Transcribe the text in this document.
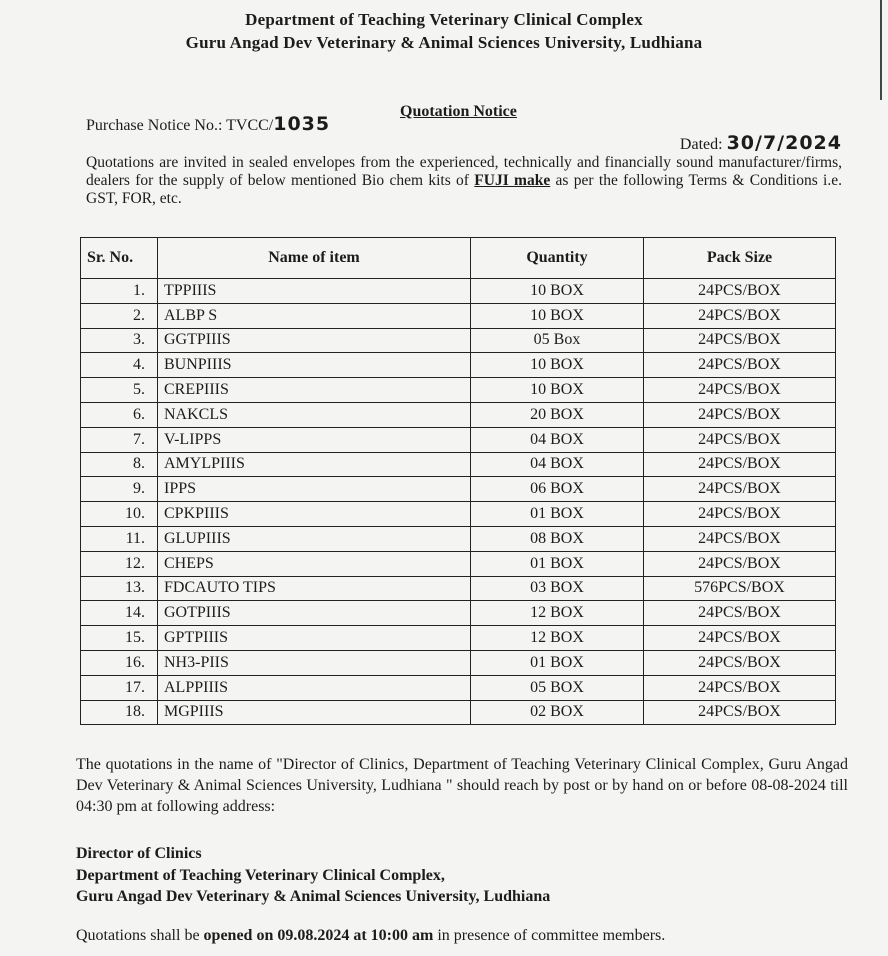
Department of Teaching Veterinary Clinical Complex
Guru Angad Dev Veterinary & Animal Sciences University, Ludhiana
Quotation Notice
Purchase Notice No.: TVCC/1035
Dated: 30/7/2024
Quotations are invited in sealed envelopes from the experienced, technically and financially sound manufacturer/firms, dealers for the supply of below mentioned Bio chem kits of FUJI make as per the following Terms & Conditions i.e. GST, FOR, etc.
Sr. No.	Name of item	Quantity	Pack Size
1.	TPPIIIS	10 BOX	24PCS/BOX
2.	ALBP S	10 BOX	24PCS/BOX
3.	GGTPIIIS	05 Box	24PCS/BOX
4.	BUNPIIIS	10 BOX	24PCS/BOX
5.	CREPIIIS	10 BOX	24PCS/BOX
6.	NAKCLS	20 BOX	24PCS/BOX
7.	V-LIPPS	04 BOX	24PCS/BOX
8.	AMYLPIIIS	04 BOX	24PCS/BOX
9.	IPPS	06 BOX	24PCS/BOX
10.	CPKPIIIS	01 BOX	24PCS/BOX
11.	GLUPIIIS	08 BOX	24PCS/BOX
12.	CHEPS	01 BOX	24PCS/BOX
13.	FDCAUTO TIPS	03 BOX	576PCS/BOX
14.	GOTPIIIS	12 BOX	24PCS/BOX
15.	GPTPIIIS	12 BOX	24PCS/BOX
16.	NH3-PIIS	01 BOX	24PCS/BOX
17.	ALPPIIIS	05 BOX	24PCS/BOX
18.	MGPIIIS	02 BOX	24PCS/BOX
The quotations in the name of "Director of Clinics, Department of Teaching Veterinary Clinical Complex, Guru Angad Dev Veterinary & Animal Sciences University, Ludhiana " should reach by post or by hand on or before 08-08-2024 till 04:30 pm at following address:
Director of Clinics
Department of Teaching Veterinary Clinical Complex,
Guru Angad Dev Veterinary & Animal Sciences University, Ludhiana
Quotations shall be opened on 09.08.2024 at 10:00 am in presence of committee members.
